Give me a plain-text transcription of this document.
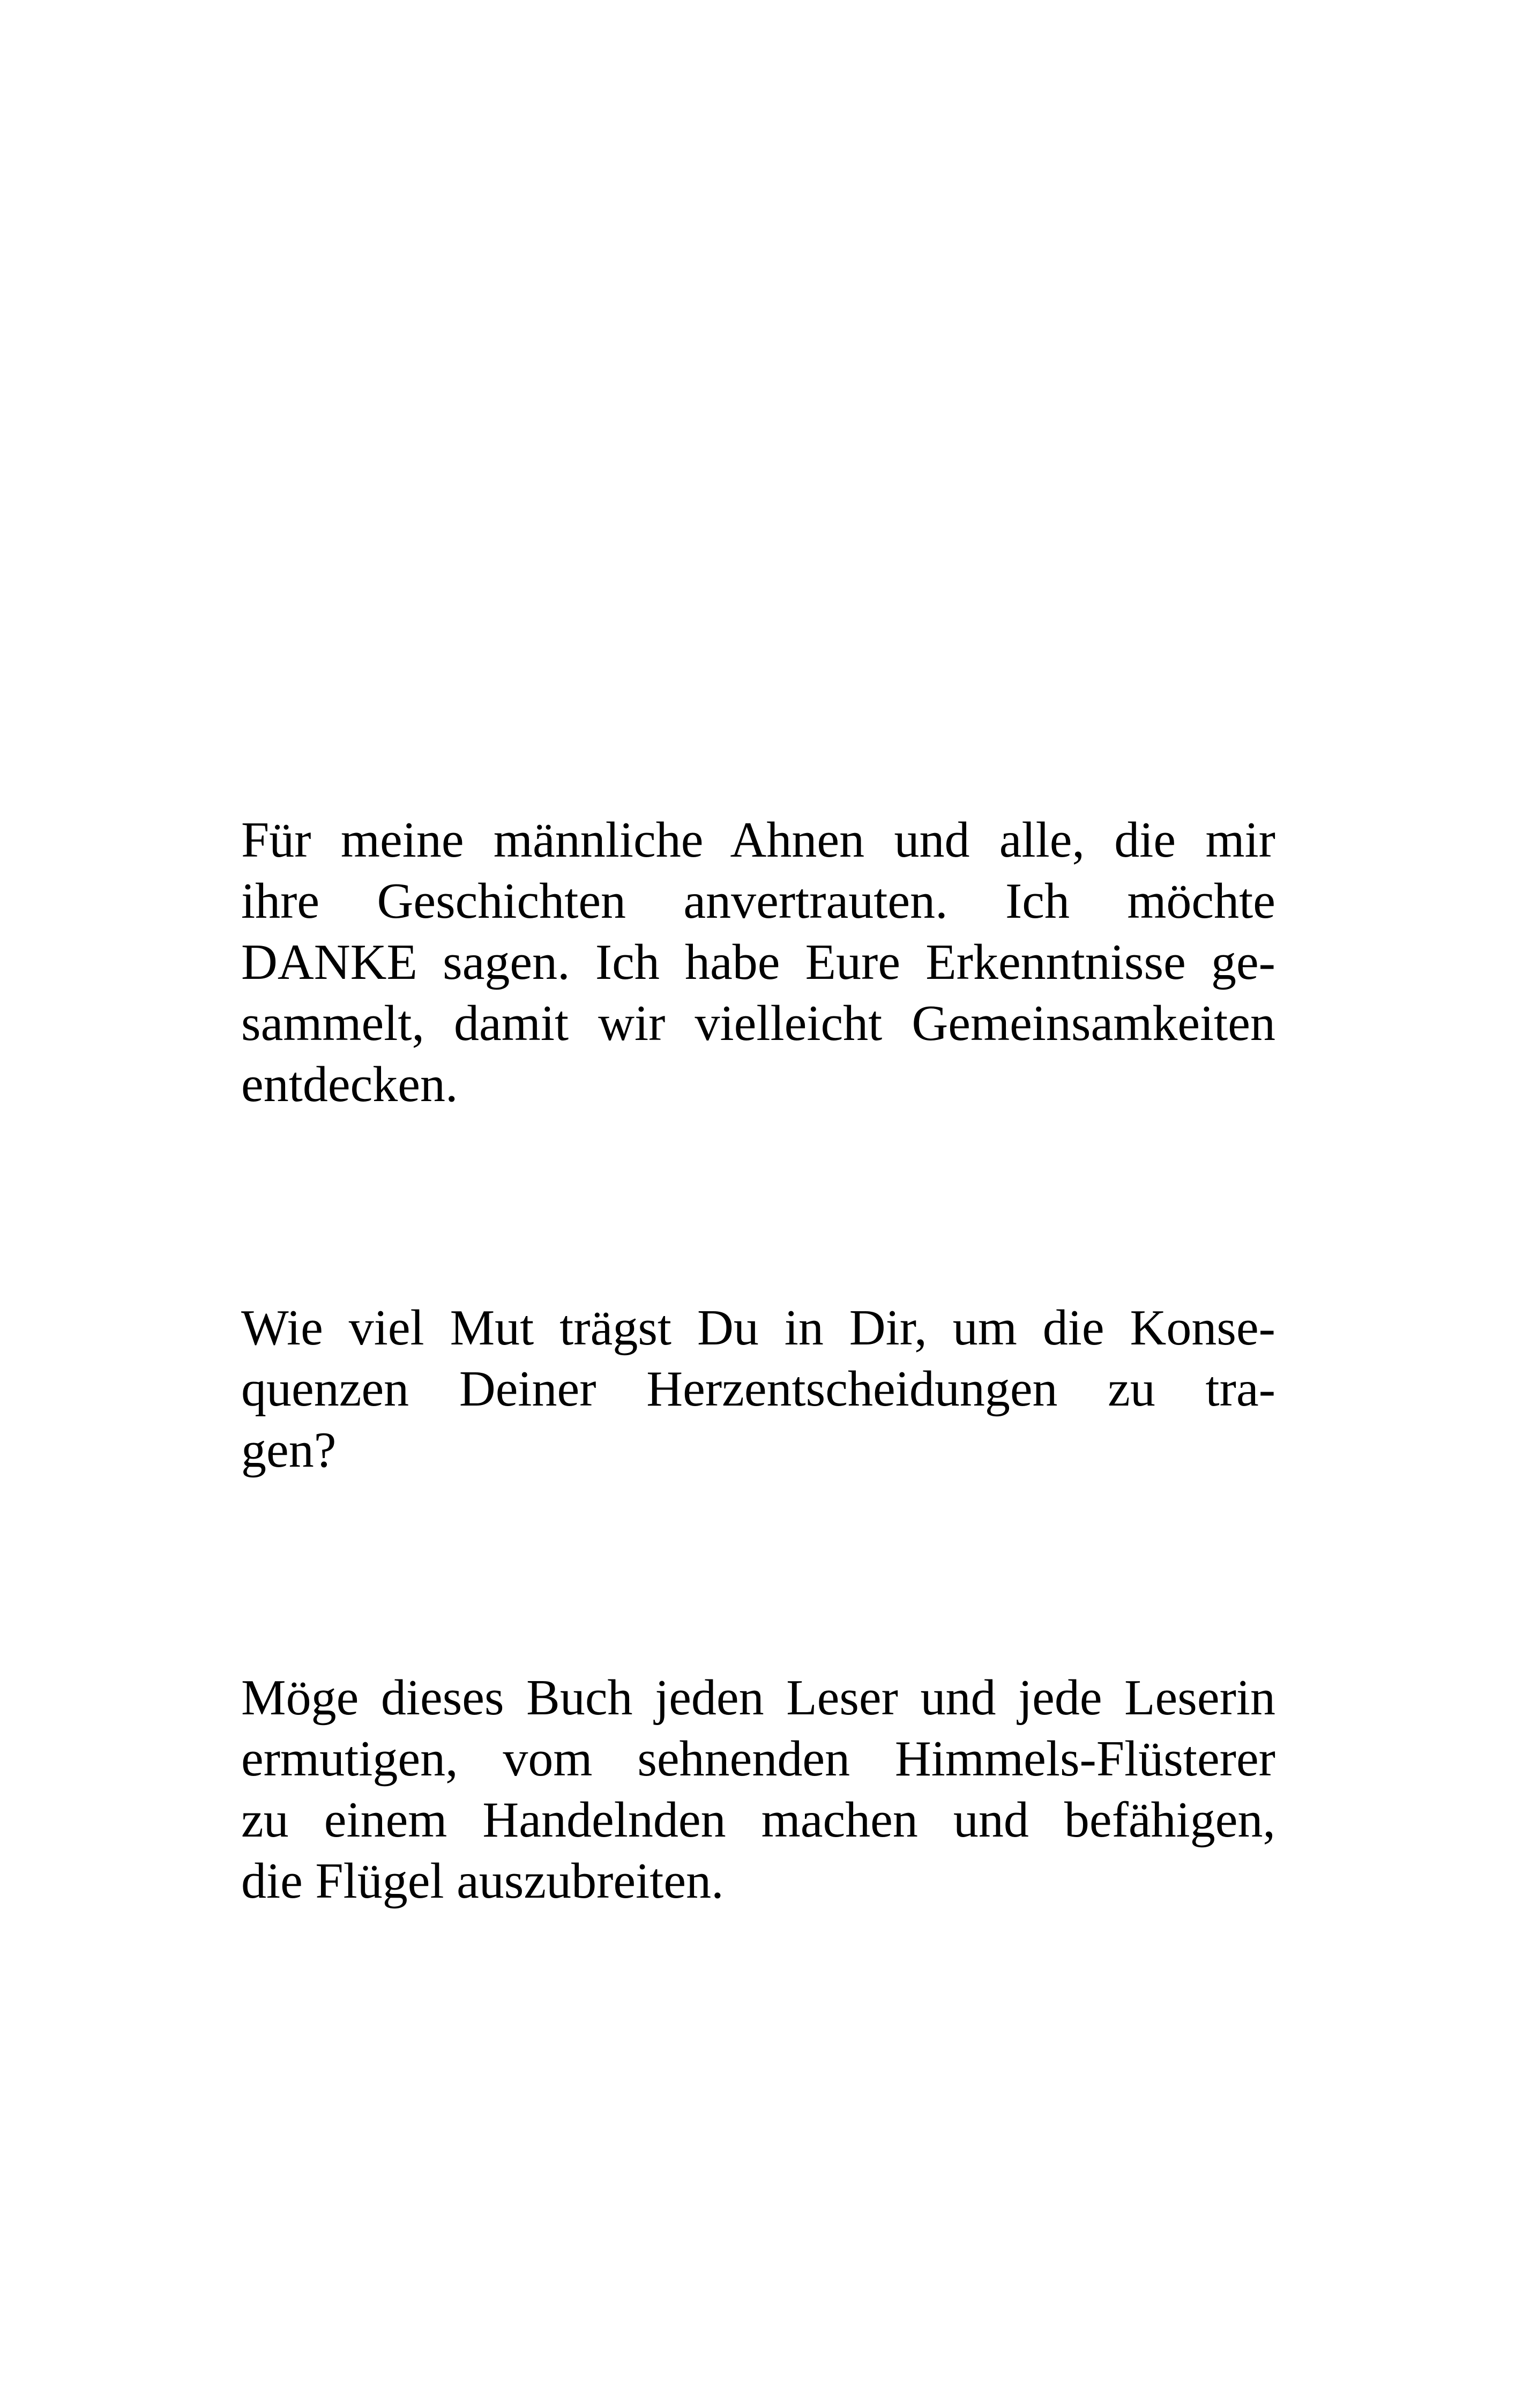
Für meine männliche Ahnen und alle, die mir
ihre Geschichten anvertrauten. Ich möchte
DANKE sagen. Ich habe Eure Erkenntnisse ge-
sammelt, damit wir vielleicht Gemeinsamkeiten
entdecken.

Wie viel Mut trägst Du in Dir, um die Konse-
quenzen Deiner Herzentscheidungen zu tra-
gen?

Möge dieses Buch jeden Leser und jede Leserin
ermutigen, vom sehnenden Himmels-Flüsterer
zu einem Handelnden machen und befähigen,
die Flügel auszubreiten.
